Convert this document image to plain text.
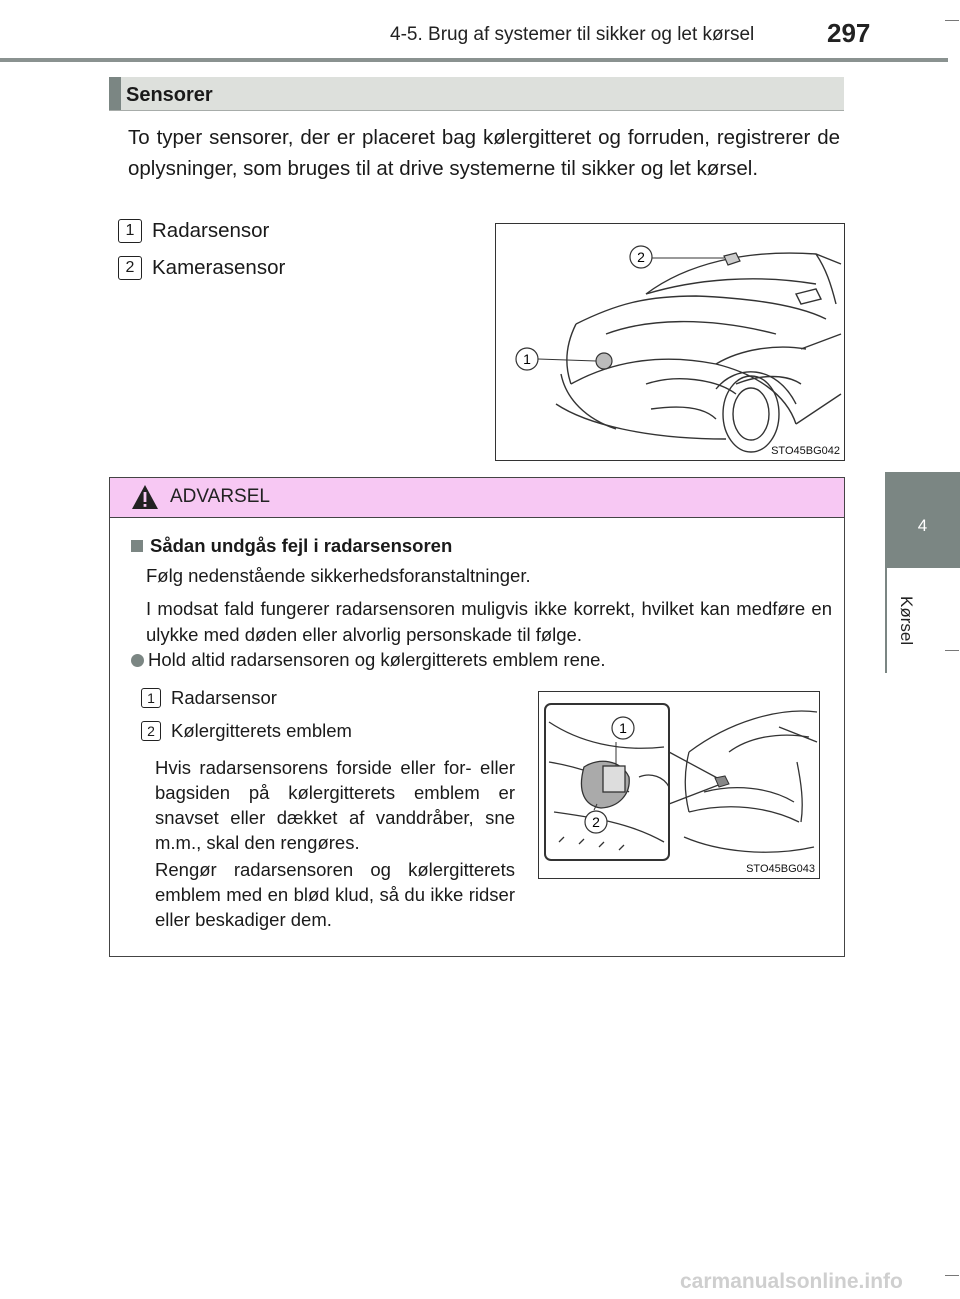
4-5. Brug af systemer til sikker og let kørsel	297
4
Kørsel
Sensorer
To typer sensorer, der er placeret bag kølergitteret og forruden, registrerer de oplysninger, som bruges til at drive systemerne til sikker og let kørsel.
1 Radarsensor
2 Kamerasensor
1
2
STO45BG042
ADVARSEL
Sådan undgås fejl i radarsensoren
Følg nedenstående sikkerhedsforanstaltninger.
I modsat fald fungerer radarsensoren muligvis ikke korrekt, hvilket kan medføre en ulykke med døden eller alvorlig personskade til følge.
Hold altid radarsensoren og kølergitterets emblem rene.
1 Radarsensor
2 Kølergitterets emblem
Hvis radarsensorens forside eller for- eller bagsiden på kølergitterets emblem er snavset eller dækket af vanddråber, sne m.m., skal den rengøres.
Rengør radarsensoren og kølergitterets emblem med en blød klud, så du ikke ridser eller beskadiger dem.
1
2
STO45BG043
carmanualsonline.info
